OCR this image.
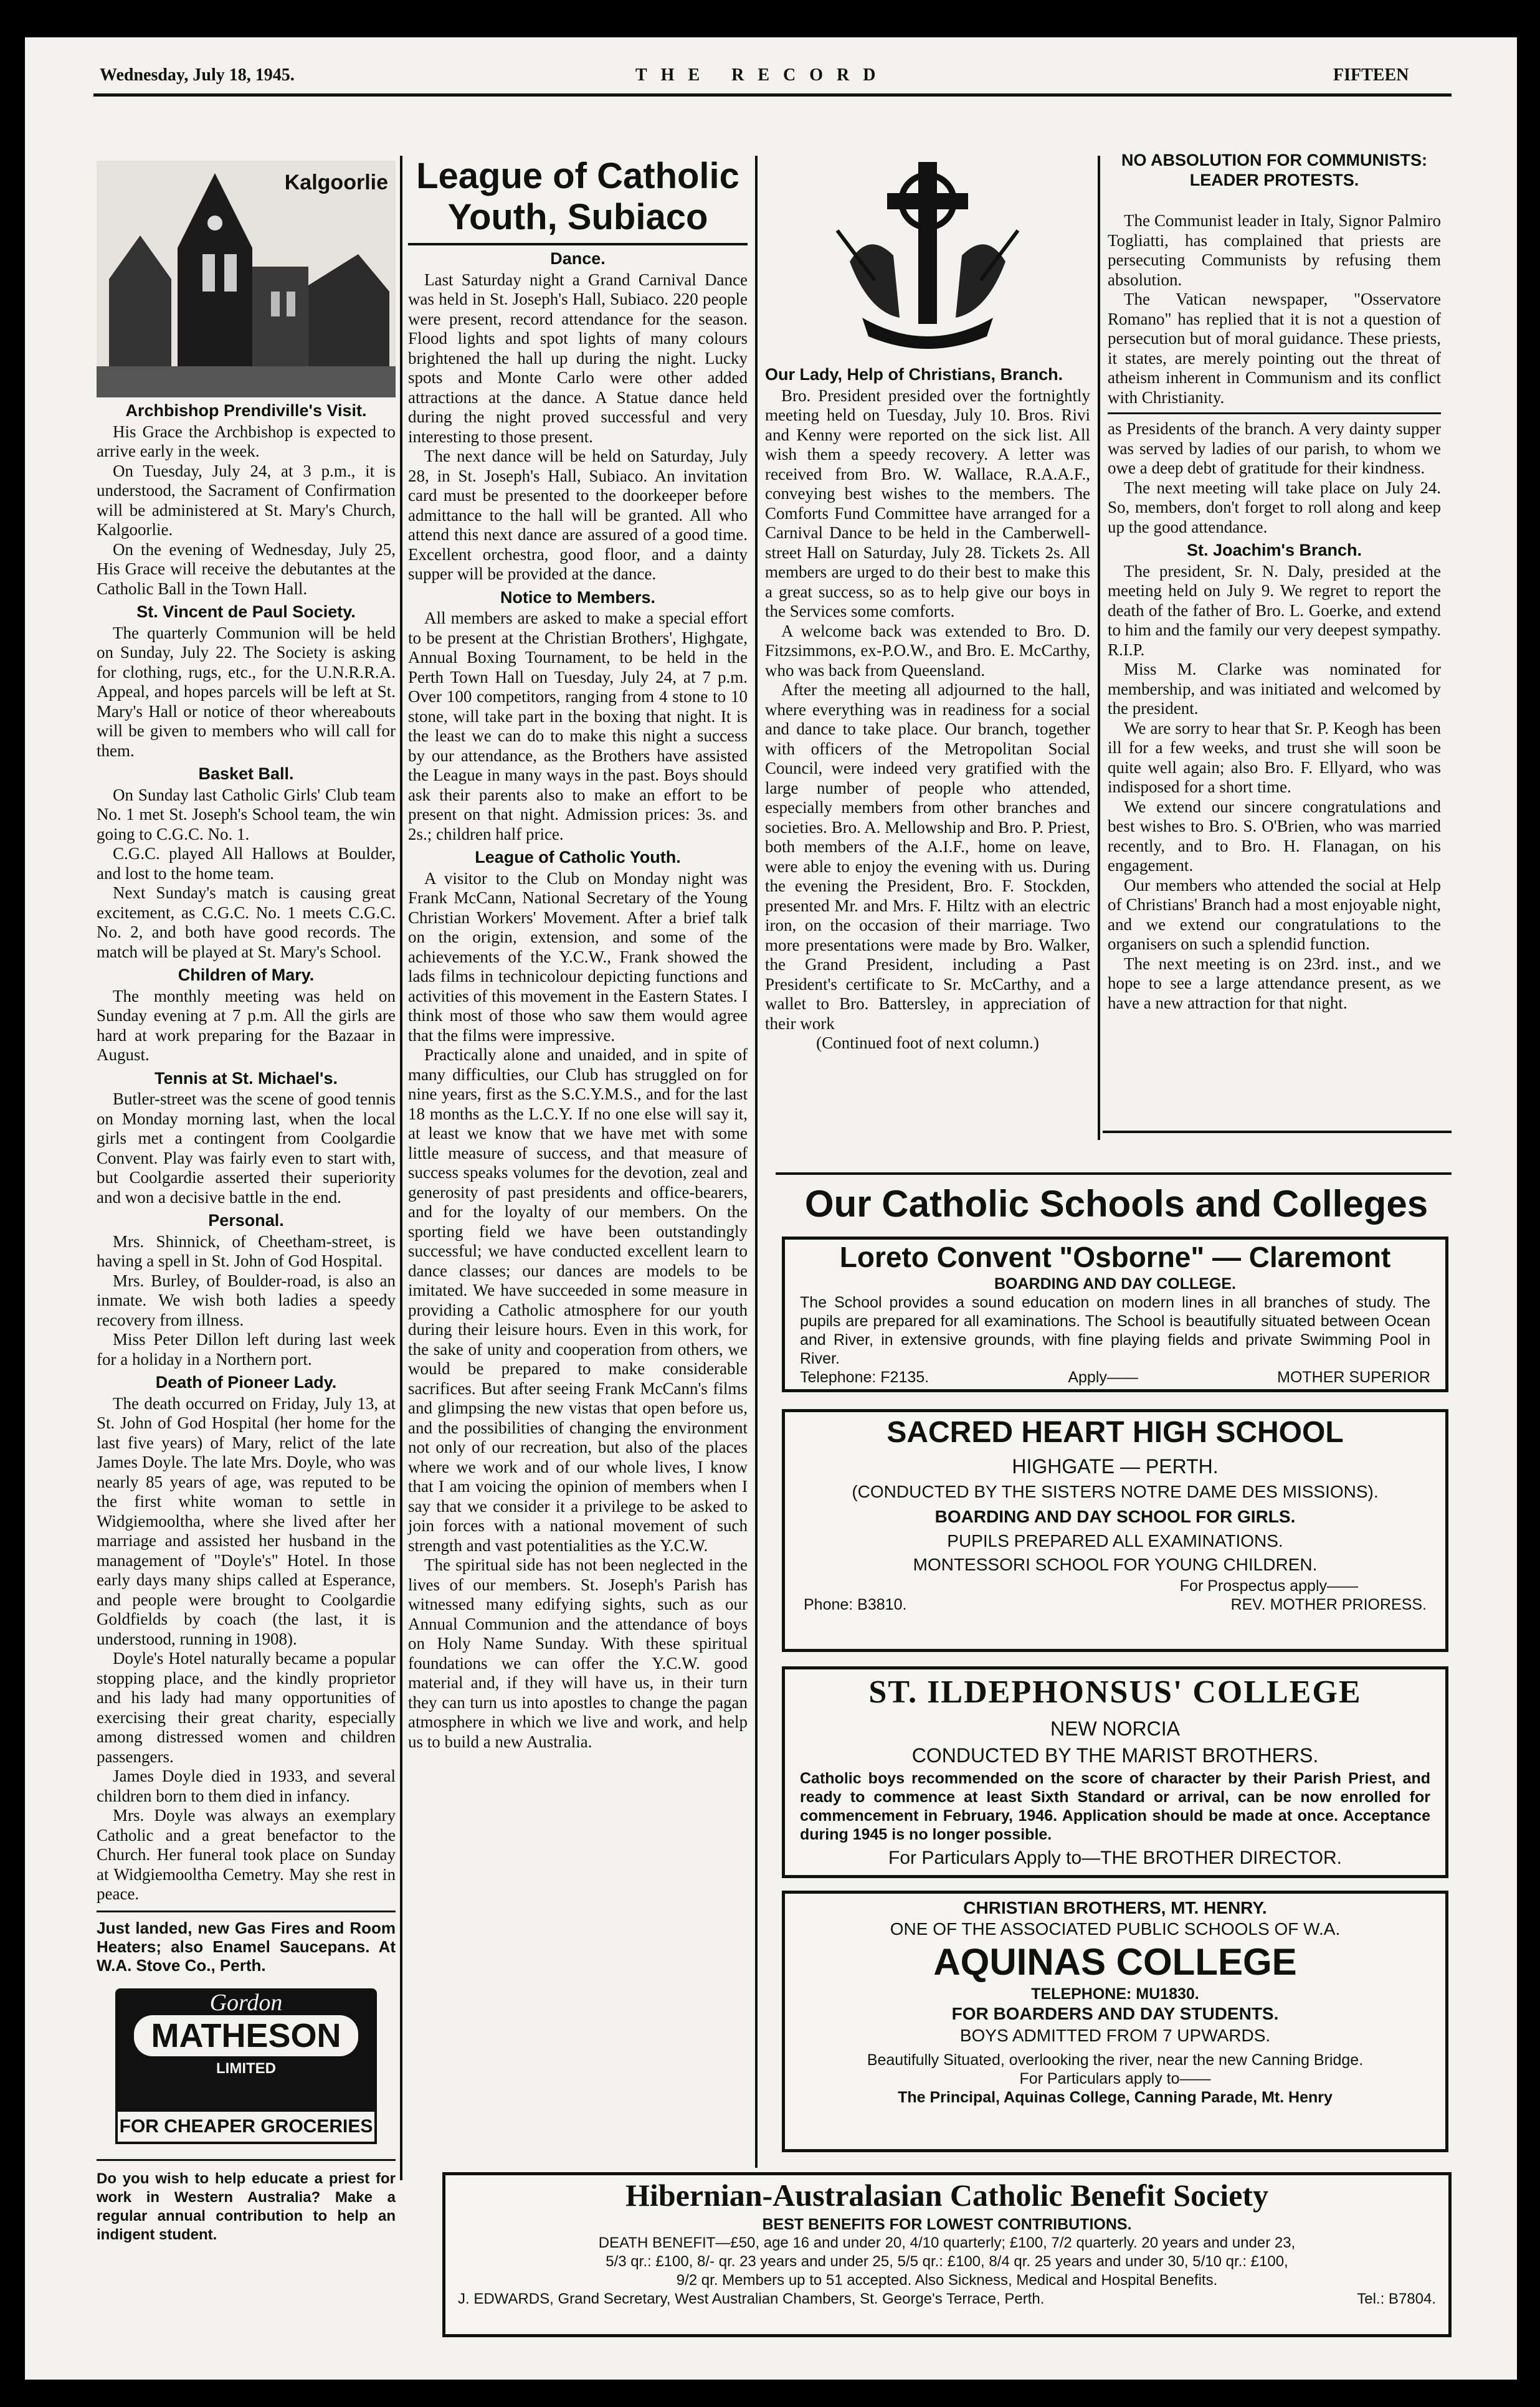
Wednesday, July 18, 1945.	THE RECORD	FIFTEEN
Kalgoorlie
Archbishop Prendiville's Visit.

His Grace the Archbishop is expected to arrive early in the week.

On Tuesday, July 24, at 3 p.m., it is understood, the Sacrament of Confirmation will be administered at St. Mary's Church, Kalgoorlie.

On the evening of Wednesday, July 25, His Grace will receive the debutantes at the Catholic Ball in the Town Hall.

St. Vincent de Paul Society.

The quarterly Communion will be held on Sunday, July 22. The Society is asking for clothing, rugs, etc., for the U.N.R.R.A. Appeal, and hopes parcels will be left at St. Mary's Hall or notice of theor whereabouts will be given to members who will call for them.

Basket Ball.

On Sunday last Catholic Girls' Club team No. 1 met St. Joseph's School team, the win going to C.G.C. No. 1.

C.G.C. played All Hallows at Boulder, and lost to the home team.

Next Sunday's match is causing great excitement, as C.G.C. No. 1 meets C.G.C. No. 2, and both have good records. The match will be played at St. Mary's School.

Children of Mary.

The monthly meeting was held on Sunday evening at 7 p.m. All the girls are hard at work preparing for the Bazaar in August.

Tennis at St. Michael's.

Butler-street was the scene of good tennis on Monday morning last, when the local girls met a contingent from Coolgardie Convent. Play was fairly even to start with, but Coolgardie asserted their superiority and won a decisive battle in the end.

Personal.

Mrs. Shinnick, of Cheetham-street, is having a spell in St. John of God Hospital.

Mrs. Burley, of Boulder-road, is also an inmate. We wish both ladies a speedy recovery from illness.

Miss Peter Dillon left during last week for a holiday in a Northern port.

Death of Pioneer Lady.

The death occurred on Friday, July 13, at St. John of God Hospital (her home for the last five years) of Mary, relict of the late James Doyle. The late Mrs. Doyle, who was nearly 85 years of age, was reputed to be the first white woman to settle in Widgiemooltha, where she lived after her marriage and assisted her husband in the management of "Doyle's" Hotel. In those early days many ships called at Esperance, and people were brought to Coolgardie Goldfields by coach (the last, it is understood, running in 1908).

Doyle's Hotel naturally became a popular stopping place, and the kindly proprietor and his lady had many opportunities of exercising their great charity, especially among distressed women and children passengers.

James Doyle died in 1933, and several children born to them died in infancy.

Mrs. Doyle was always an exemplary Catholic and a great benefactor to the Church. Her funeral took place on Sunday at Widgiemooltha Cemetry. May she rest in peace.

Just landed, new Gas Fires and Room Heaters; also Enamel Saucepans. At W.A. Stove Co., Perth.
Gordon
MATHESON
LIMITED
FOR CHEAPER GROCERIES
Do you wish to help educate a priest for work in Western Australia? Make a regular annual contribution to help an indigent student.
League of Catholic
Youth, Subiaco
Dance.

Last Saturday night a Grand Carnival Dance was held in St. Joseph's Hall, Subiaco. 220 people were present, record attendance for the season. Flood lights and spot lights of many colours brightened the hall up during the night. Lucky spots and Monte Carlo were other added attractions at the dance. A Statue dance held during the night proved successful and very interesting to those present.

The next dance will be held on Saturday, July 28, in St. Joseph's Hall, Subiaco. An invitation card must be presented to the doorkeeper before admittance to the hall will be granted. All who attend this next dance are assured of a good time. Excellent orchestra, good floor, and a dainty supper will be provided at the dance.

Notice to Members.

All members are asked to make a special effort to be present at the Christian Brothers', Highgate, Annual Boxing Tournament, to be held in the Perth Town Hall on Tuesday, July 24, at 7 p.m. Over 100 competitors, ranging from 4 stone to 10 stone, will take part in the boxing that night. It is the least we can do to make this night a success by our attendance, as the Brothers have assisted the League in many ways in the past. Boys should ask their parents also to make an effort to be present on that night. Admission prices: 3s. and 2s.; children half price.

League of Catholic Youth.

A visitor to the Club on Monday night was Frank McCann, National Secretary of the Young Christian Workers' Movement. After a brief talk on the origin, extension, and some of the achievements of the Y.C.W., Frank showed the lads films in technicolour depicting functions and activities of this movement in the Eastern States. I think most of those who saw them would agree that the films were impressive.

Practically alone and unaided, and in spite of many difficulties, our Club has struggled on for nine years, first as the S.C.Y.M.S., and for the last 18 months as the L.C.Y. If no one else will say it, at least we know that we have met with some little measure of success, and that measure of success speaks volumes for the devotion, zeal and generosity of past presidents and office-bearers, and for the loyalty of our members. On the sporting field we have been outstandingly successful; we have conducted excellent learn to dance classes; our dances are models to be imitated. We have succeeded in some measure in providing a Catholic atmosphere for our youth during their leisure hours. Even in this work, for the sake of unity and cooperation from others, we would be prepared to make considerable sacrifices. But after seeing Frank McCann's films and glimpsing the new vistas that open before us, and the possibilities of changing the environment not only of our recreation, but also of the places where we work and of our whole lives, I know that I am voicing the opinion of members when I say that we consider it a privilege to be asked to join forces with a national movement of such strength and vast potentialities as the Y.C.W.

The spiritual side has not been neglected in the lives of our members. St. Joseph's Parish has witnessed many edifying sights, such as our Annual Communion and the attendance of boys on Holy Name Sunday. With these spiritual foundations we can offer the Y.C.W. good material and, if they will have us, in their turn they can turn us into apostles to change the pagan atmosphere in which we live and work, and help us to build a new Australia.

Our Lady, Help of Christians, Branch.

Bro. President presided over the fortnightly meeting held on Tuesday, July 10. Bros. Rivi and Kenny were reported on the sick list. All wish them a speedy recovery. A letter was received from Bro. W. Wallace, R.A.A.F., conveying best wishes to the members. The Comforts Fund Committee have arranged for a Carnival Dance to be held in the Camberwell-street Hall on Saturday, July 28. Tickets 2s. All members are urged to do their best to make this a great success, so as to help give our boys in the Services some comforts.

A welcome back was extended to Bro. D. Fitzsimmons, ex-P.O.W., and Bro. E. McCarthy, who was back from Queensland.

After the meeting all adjourned to the hall, where everything was in readiness for a social and dance to take place. Our branch, together with officers of the Metropolitan Social Council, were indeed very gratified with the large number of people who attended, especially members from other branches and societies. Bro. A. Mellowship and Bro. P. Priest, both members of the A.I.F., home on leave, were able to enjoy the evening with us. During the evening the President, Bro. F. Stockden, presented Mr. and Mrs. F. Hiltz with an electric iron, on the occasion of their marriage. Two more presentations were made by Bro. Walker, the Grand President, including a Past President's certificate to Sr. McCarthy, and a wallet to Bro. Battersley, in appreciation of their work

(Continued foot of next column.)
NO ABSOLUTION FOR COMMUNISTS: LEADER PROTESTS.

The Communist leader in Italy, Signor Palmiro Togliatti, has complained that priests are persecuting Communists by refusing them absolution.

The Vatican newspaper, "Osservatore Romano" has replied that it is not a question of persecution but of moral guidance. These priests, it states, are merely pointing out the threat of atheism inherent in Communism and its conflict with Christianity.

as Presidents of the branch. A very dainty supper was served by ladies of our parish, to whom we owe a deep debt of gratitude for their kindness.

The next meeting will take place on July 24. So, members, don't forget to roll along and keep up the good attendance.

St. Joachim's Branch.

The president, Sr. N. Daly, presided at the meeting held on July 9. We regret to report the death of the father of Bro. L. Goerke, and extend to him and the family our very deepest sympathy. R.I.P.

Miss M. Clarke was nominated for membership, and was initiated and welcomed by the president.

We are sorry to hear that Sr. P. Keogh has been ill for a few weeks, and trust she will soon be quite well again; also Bro. F. Ellyard, who was indisposed for a short time.

We extend our sincere congratulations and best wishes to Bro. S. O'Brien, who was married recently, and to Bro. H. Flanagan, on his engagement.

Our members who attended the social at Help of Christians' Branch had a most enjoyable night, and we extend our congratulations to the organisers on such a splendid function.

The next meeting is on 23rd. inst., and we hope to see a large attendance present, as we have a new attraction for that night.

Our Catholic Schools and Colleges
Loreto Convent "Osborne" — Claremont
BOARDING AND DAY COLLEGE.
The School provides a sound education on modern lines in all branches of study. The pupils are prepared for all examinations. The School is beautifully situated between Ocean and River, in extensive grounds, with fine playing fields and private Swimming Pool in River.
Telephone: F2135.	Apply——	MOTHER SUPERIOR
SACRED HEART HIGH SCHOOL
HIGHGATE — PERTH.
(CONDUCTED BY THE SISTERS NOTRE DAME DES MISSIONS).
BOARDING AND DAY SCHOOL FOR GIRLS.
PUPILS PREPARED ALL EXAMINATIONS.
MONTESSORI SCHOOL FOR YOUNG CHILDREN.
For Prospectus apply——
Phone: B3810.	REV. MOTHER PRIORESS.
ST. ILDEPHONSUS' COLLEGE
NEW NORCIA
CONDUCTED BY THE MARIST BROTHERS.
Catholic boys recommended on the score of character by their Parish Priest, and ready to commence at least Sixth Standard or arrival, can be now enrolled for commencement in February, 1946. Application should be made at once. Acceptance during 1945 is no longer possible.
For Particulars Apply to—THE BROTHER DIRECTOR.
CHRISTIAN BROTHERS, MT. HENRY.
ONE OF THE ASSOCIATED PUBLIC SCHOOLS OF W.A.
AQUINAS COLLEGE
TELEPHONE: MU1830.
FOR BOARDERS AND DAY STUDENTS.
BOYS ADMITTED FROM 7 UPWARDS.
Beautifully Situated, overlooking the river, near the new Canning Bridge.
For Particulars apply to——
The Principal, Aquinas College, Canning Parade, Mt. Henry
Hibernian-Australasian Catholic Benefit Society
BEST BENEFITS FOR LOWEST CONTRIBUTIONS.
DEATH BENEFIT—£50, age 16 and under 20, 4/10 quarterly; £100, 7/2 quarterly. 20 years and under 23,
5/3 qr.: £100, 8/- qr. 23 years and under 25, 5/5 qr.: £100, 8/4 qr. 25 years and under 30, 5/10 qr.: £100,
9/2 qr. Members up to 51 accepted. Also Sickness, Medical and Hospital Benefits.
J. EDWARDS, Grand Secretary, West Australian Chambers, St. George's Terrace, Perth.	Tel.: B7804.
